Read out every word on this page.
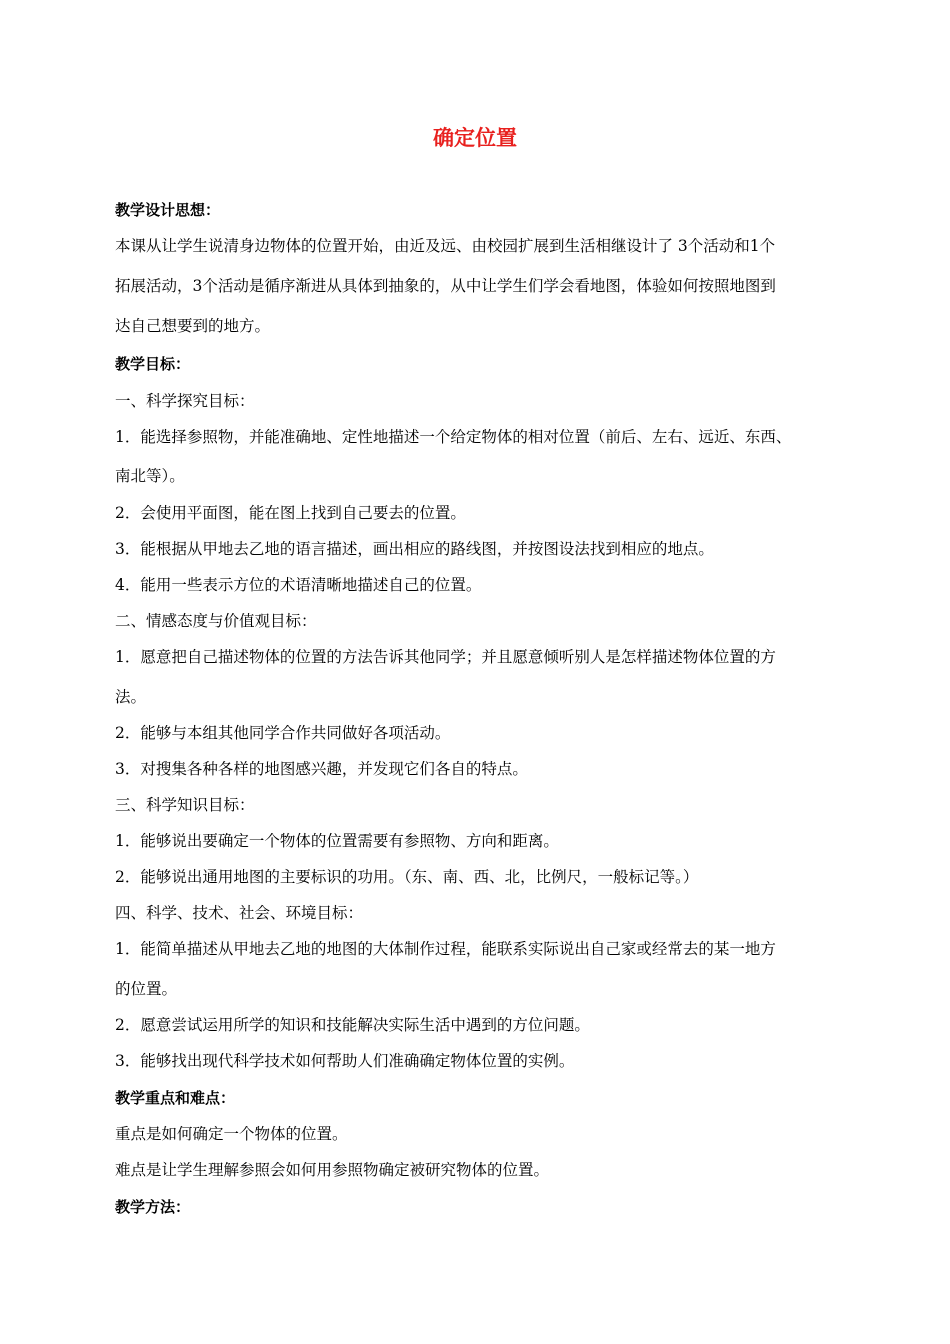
确定位置

教学设计思想：

本课从让学生说清身边物体的位置开始，由近及远、由校园扩展到生活相继设计了 3个活动和1个

拓展活动，3个活动是循序渐进从具体到抽象的，从中让学生们学会看地图，体验如何按照地图到

达自己想要到的地方。

教学目标：

一、科学探究目标：

1．能选择参照物，并能准确地、定性地描述一个给定物体的相对位置（前后、左右、远近、东西、

南北等）。

2．会使用平面图，能在图上找到自己要去的位置。

3．能根据从甲地去乙地的语言描述，画出相应的路线图，并按图设法找到相应的地点。

4．能用一些表示方位的术语清晰地描述自己的位置。

二、情感态度与价值观目标：

1．愿意把自己描述物体的位置的方法告诉其他同学；并且愿意倾听别人是怎样描述物体位置的方

法。

2．能够与本组其他同学合作共同做好各项活动。

3．对搜集各种各样的地图感兴趣，并发现它们各自的特点。

三、科学知识目标：

1．能够说出要确定一个物体的位置需要有参照物、方向和距离。

2．能够说出通用地图的主要标识的功用。（东、南、西、北，比例尺，一般标记等。）

四、科学、技术、社会、环境目标：

1．能简单描述从甲地去乙地的地图的大体制作过程，能联系实际说出自己家或经常去的某一地方

的位置。

2．愿意尝试运用所学的知识和技能解决实际生活中遇到的方位问题。

3．能够找出现代科学技术如何帮助人们准确确定物体位置的实例。

教学重点和难点：

重点是如何确定一个物体的位置。

难点是让学生理解参照会如何用参照物确定被研究物体的位置。

教学方法：
